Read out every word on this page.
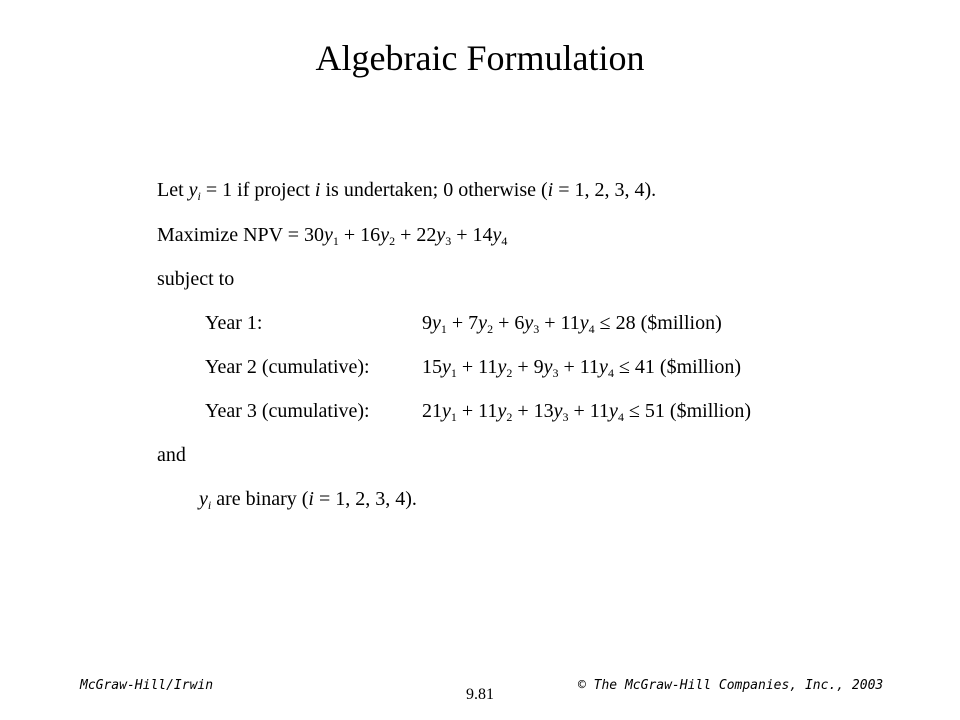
Algebraic Formulation
Let $y_i = 1$ if project i is undertaken; 0 otherwise (i = 1, 2, 3, 4).
Maximize NPV = $30y_1 + 16y_2 + 22y_3 + 14y_4$
subject to
Year 1:	$9y_1 + 7y_2 + 6y_3 + 11y_4 \le 28$ ($million)
Year 2 (cumulative):	$15y_1 + 11y_2 + 9y_3 + 11y_4 \le 41$ ($million)
Year 3 (cumulative):	$21y_1 + 11y_2 + 13y_3 + 11y_4 \le 51$ ($million)
and
$y_i$ are binary (i = 1, 2, 3, 4).
McGraw-Hill/Irwin
9.81
© The McGraw-Hill Companies, Inc., 2003
